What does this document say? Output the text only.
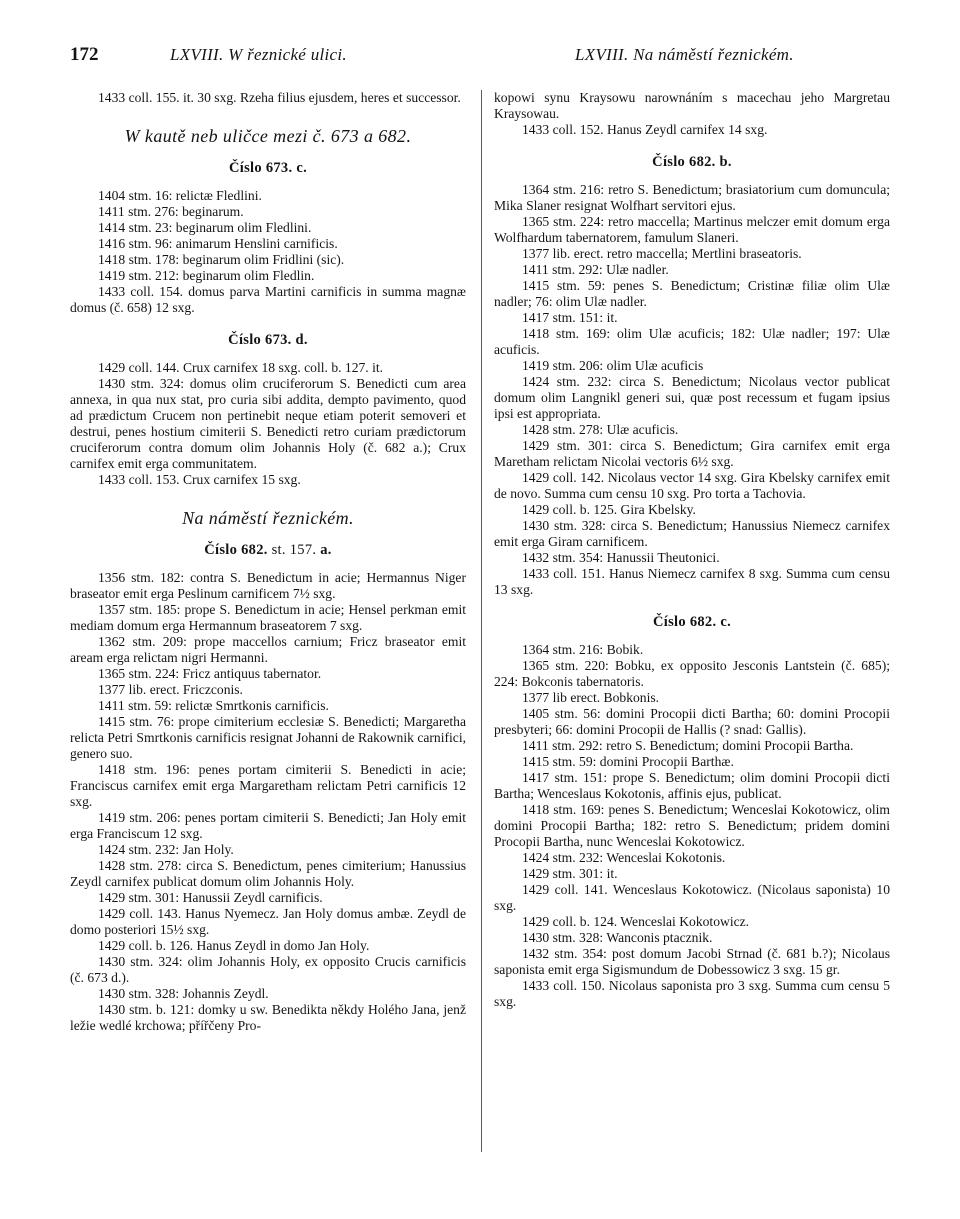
172	LXVIII. W řeznické ulici.	LXVIII. Na náměstí řeznickém.

1433 coll. 155. it. 30 sxg. Rzeha filius ejusdem, heres et successor.

W kautě neb uličce mezi č. 673 a 682.
Číslo 673. c.

1404 stm. 16: relictæ Fledlini.

1411 stm. 276: beginarum.

1414 stm. 23: beginarum olim Fledlini.

1416 stm. 96: animarum Henslini carnificis.

1418 stm. 178: beginarum olim Fridlini (sic).

1419 stm. 212: beginarum olim Fledlin.

1433 coll. 154. domus parva Martini carnificis in summa magnæ domus (č. 658) 12 sxg.

Číslo 673. d.

1429 coll. 144. Crux carnifex 18 sxg. coll. b. 127. it.

1430 stm. 324: domus olim cruciferorum S. Benedicti cum area annexa, in qua nux stat, pro curia sibi addita, dempto pavimento, quod ad prædictum Crucem non pertinebit neque etiam poterit semoveri et destrui, penes hostium cimiterii S. Benedicti retro curiam prædictorum cruciferorum contra domum olim Johannis Holy (č. 682 a.); Crux carnifex emit erga communitatem.

1433 coll. 153. Crux carnifex 15 sxg.

Na náměstí řeznickém.
Číslo 682. st. 157. a.

1356 stm. 182: contra S. Benedictum in acie; Hermannus Niger braseator emit erga Peslinum carnificem 7½ sxg.

1357 stm. 185: prope S. Benedictum in acie; Hensel perkman emit mediam domum erga Hermannum braseatorem 7 sxg.

1362 stm. 209: prope maccellos carnium; Fricz braseator emit aream erga relictam nigri Hermanni.

1365 stm. 224: Fricz antiquus tabernator.

1377 lib. erect. Friczconis.

1411 stm. 59: relictæ Smrtkonis carnificis.

1415 stm. 76: prope cimiterium ecclesiæ S. Benedicti; Margaretha relicta Petri Smrtkonis carnificis resignat Johanni de Rakownik carnifici, genero suo.

1418 stm. 196: penes portam cimiterii S. Benedicti in acie; Franciscus carnifex emit erga Margaretham relictam Petri carnificis 12 sxg.

1419 stm. 206: penes portam cimiterii S. Benedicti; Jan Holy emit erga Franciscum 12 sxg.

1424 stm. 232: Jan Holy.

1428 stm. 278: circa S. Benedictum, penes cimiterium; Hanussius Zeydl carnifex publicat domum olim Johannis Holy.

1429 stm. 301: Hanussii Zeydl carnificis.

1429 coll. 143. Hanus Nyemecz. Jan Holy domus ambæ. Zeydl de domo posteriori 15½ sxg.

1429 coll. b. 126. Hanus Zeydl in domo Jan Holy.

1430 stm. 324: olim Johannis Holy, ex opposito Crucis carnificis (č. 673 d.).

1430 stm. 328: Johannis Zeydl.

1430 stm. b. 121: domky u sw. Benedikta někdy Holého Jana, jenž ležie wedlé krchowa; přířčeny Pro-

kopowi synu Kraysowu narownáním s macechau jeho Margretau Kraysowau.

1433 coll. 152. Hanus Zeydl carnifex 14 sxg.

Číslo 682. b.

1364 stm. 216: retro S. Benedictum; brasiatorium cum domuncula; Mika Slaner resignat Wolfhart servitori ejus.

1365 stm. 224: retro maccella; Martinus melczer emit domum erga Wolfhardum tabernatorem, famulum Slaneri.

1377 lib. erect. retro maccella; Mertlini braseatoris.

1411 stm. 292: Ulæ nadler.

1415 stm. 59: penes S. Benedictum; Cristinæ filiæ olim Ulæ nadler; 76: olim Ulæ nadler.

1417 stm. 151: it.

1418 stm. 169: olim Ulæ acuficis; 182: Ulæ nadler; 197: Ulæ acuficis.

1419 stm. 206: olim Ulæ acuficis

1424 stm. 232: circa S. Benedictum; Nicolaus vector publicat domum olim Langnikl generi sui, quæ post recessum et fugam ipsius ipsi est appropriata.

1428 stm. 278: Ulæ acuficis.

1429 stm. 301: circa S. Benedictum; Gira carnifex emit erga Maretham relictam Nicolai vectoris 6½ sxg.

1429 coll. 142. Nicolaus vector 14 sxg. Gira Kbelsky carnifex emit de novo. Summa cum censu 10 sxg. Pro torta a Tachovia.

1429 coll. b. 125. Gira Kbelsky.

1430 stm. 328: circa S. Benedictum; Hanussius Niemecz carnifex emit erga Giram carnificem.

1432 stm. 354: Hanussii Theutonici.

1433 coll. 151. Hanus Niemecz carnifex 8 sxg. Summa cum censu 13 sxg.

Číslo 682. c.

1364 stm. 216: Bobik.

1365 stm. 220: Bobku, ex opposito Jesconis Lantstein (č. 685); 224: Bokconis tabernatoris.

1377 lib erect. Bobkonis.

1405 stm. 56: domini Procopii dicti Bartha; 60: domini Procopii presbyteri; 66: domini Procopii de Hallis (? snad: Gallis).

1411 stm. 292: retro S. Benedictum; domini Procopii Bartha.

1415 stm. 59: domini Procopii Barthæ.

1417 stm. 151: prope S. Benedictum; olim domini Procopii dicti Bartha; Wenceslaus Kokotonis, affinis ejus, publicat.

1418 stm. 169: penes S. Benedictum; Wenceslai Kokotowicz, olim domini Procopii Bartha; 182: retro S. Benedictum; pridem domini Procopii Bartha, nunc Wenceslai Kokotowicz.

1424 stm. 232: Wenceslai Kokotonis.

1429 stm. 301: it.

1429 coll. 141. Wenceslaus Kokotowicz. (Nicolaus saponista) 10 sxg.

1429 coll. b. 124. Wenceslai Kokotowicz.

1430 stm. 328: Wanconis ptacznik.

1432 stm. 354: post domum Jacobi Strnad (č. 681 b.?); Nicolaus saponista emit erga Sigismundum de Dobessowicz 3 sxg. 15 gr.

1433 coll. 150. Nicolaus saponista pro 3 sxg. Summa cum censu 5 sxg.
